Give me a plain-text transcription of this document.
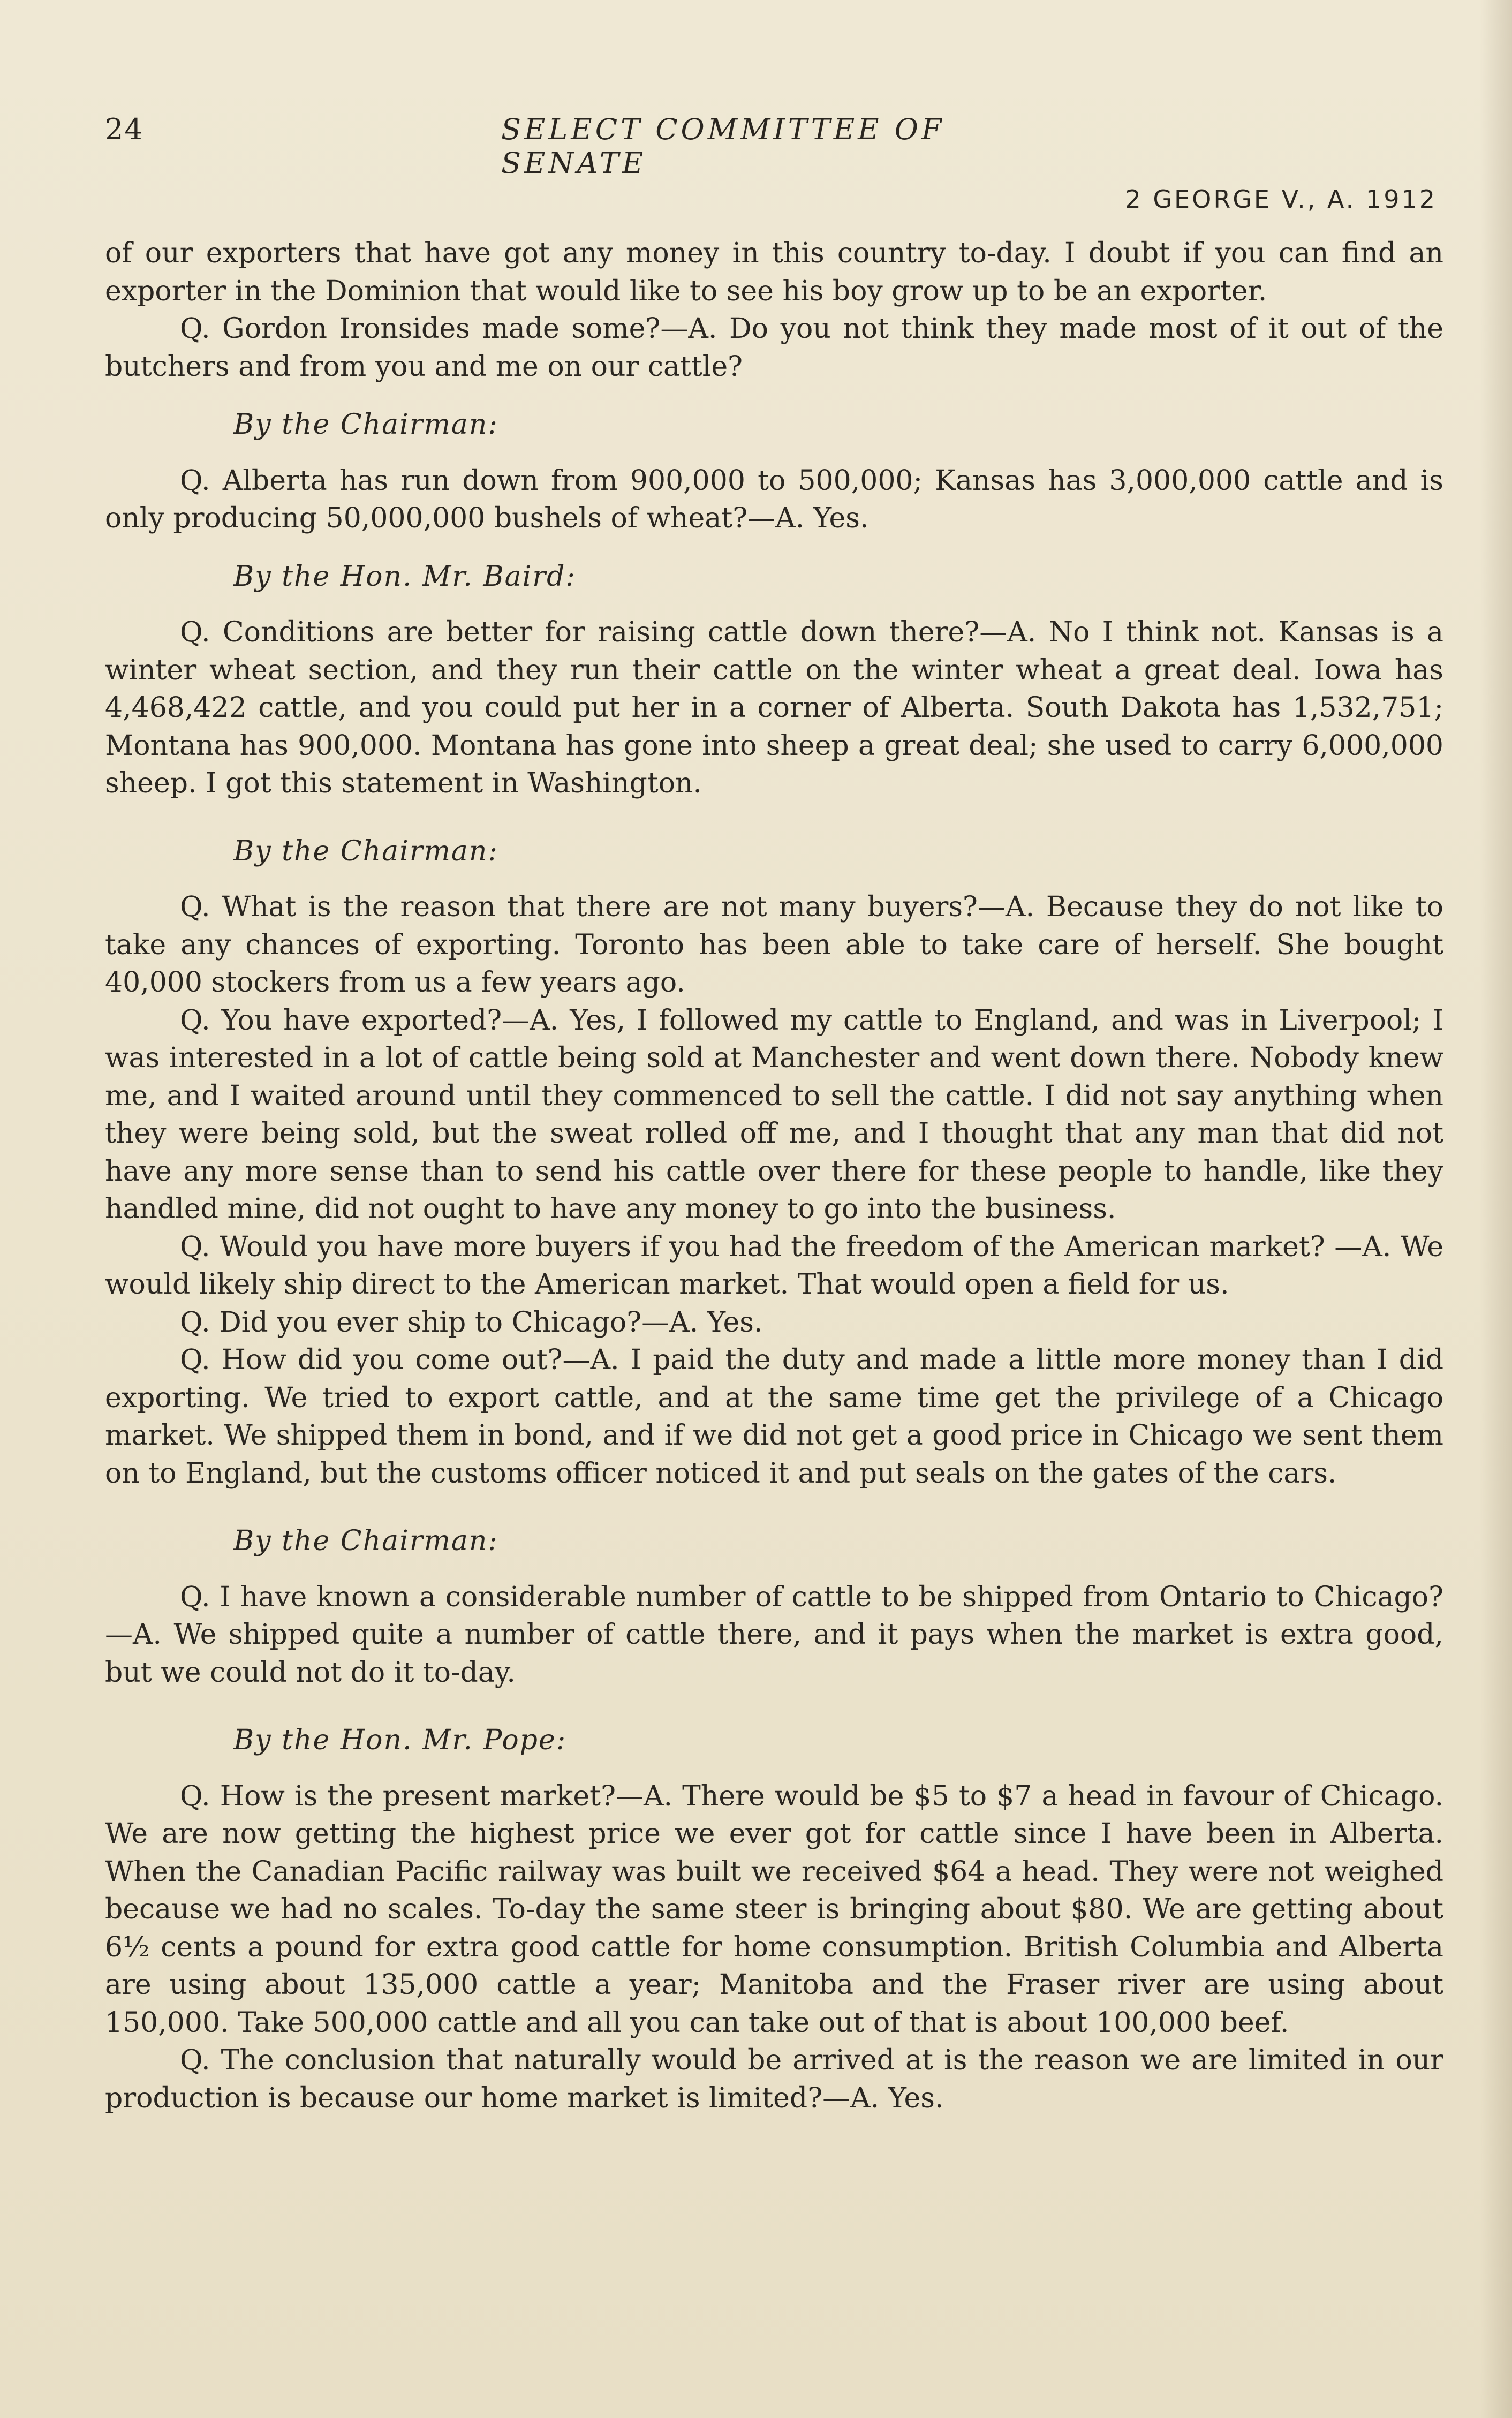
24	SELECT COMMITTEE OF SENATE
2 GEORGE V., A. 1912

of our exporters that have got any money in this country to-day. I doubt if you can find an exporter in the Dominion that would like to see his boy grow up to be an exporter.

Q. Gordon Ironsides made some?—A. Do you not think they made most of it out of the butchers and from you and me on our cattle?

By the Chairman:

Q. Alberta has run down from 900,000 to 500,000; Kansas has 3,000,000 cattle and is only producing 50,000,000 bushels of wheat?—A. Yes.

By the Hon. Mr. Baird:

Q. Conditions are better for raising cattle down there?—A. No I think not. Kansas is a winter wheat section, and they run their cattle on the winter wheat a great deal. Iowa has 4,468,422 cattle, and you could put her in a corner of Alberta. South Dakota has 1,532,751; Montana has 900,000. Montana has gone into sheep a great deal; she used to carry 6,000,000 sheep. I got this statement in Washington.

By the Chairman:

Q. What is the reason that there are not many buyers?—A. Because they do not like to take any chances of exporting. Toronto has been able to take care of herself. She bought 40,000 stockers from us a few years ago.

Q. You have exported?—A. Yes, I followed my cattle to England, and was in Liverpool; I was interested in a lot of cattle being sold at Manchester and went down there. Nobody knew me, and I waited around until they commenced to sell the cattle. I did not say anything when they were being sold, but the sweat rolled off me, and I thought that any man that did not have any more sense than to send his cattle over there for these people to handle, like they handled mine, did not ought to have any money to go into the business.

Q. Would you have more buyers if you had the freedom of the American market? —A. We would likely ship direct to the American market. That would open a field for us.

Q. Did you ever ship to Chicago?—A. Yes.

Q. How did you come out?—A. I paid the duty and made a little more money than I did exporting. We tried to export cattle, and at the same time get the privilege of a Chicago market. We shipped them in bond, and if we did not get a good price in Chicago we sent them on to England, but the customs officer noticed it and put seals on the gates of the cars.

By the Chairman:

Q. I have known a considerable number of cattle to be shipped from Ontario to Chicago?—A. We shipped quite a number of cattle there, and it pays when the market is extra good, but we could not do it to-day.

By the Hon. Mr. Pope:

Q. How is the present market?—A. There would be $5 to $7 a head in favour of Chicago. We are now getting the highest price we ever got for cattle since I have been in Alberta. When the Canadian Pacific railway was built we received $64 a head. They were not weighed because we had no scales. To-day the same steer is bringing about $80. We are getting about 6½ cents a pound for extra good cattle for home consumption. British Columbia and Alberta are using about 135,000 cattle a year; Manitoba and the Fraser river are using about 150,000. Take 500,000 cattle and all you can take out of that is about 100,000 beef.

Q. The conclusion that naturally would be arrived at is the reason we are limited in our production is because our home market is limited?—A. Yes.
